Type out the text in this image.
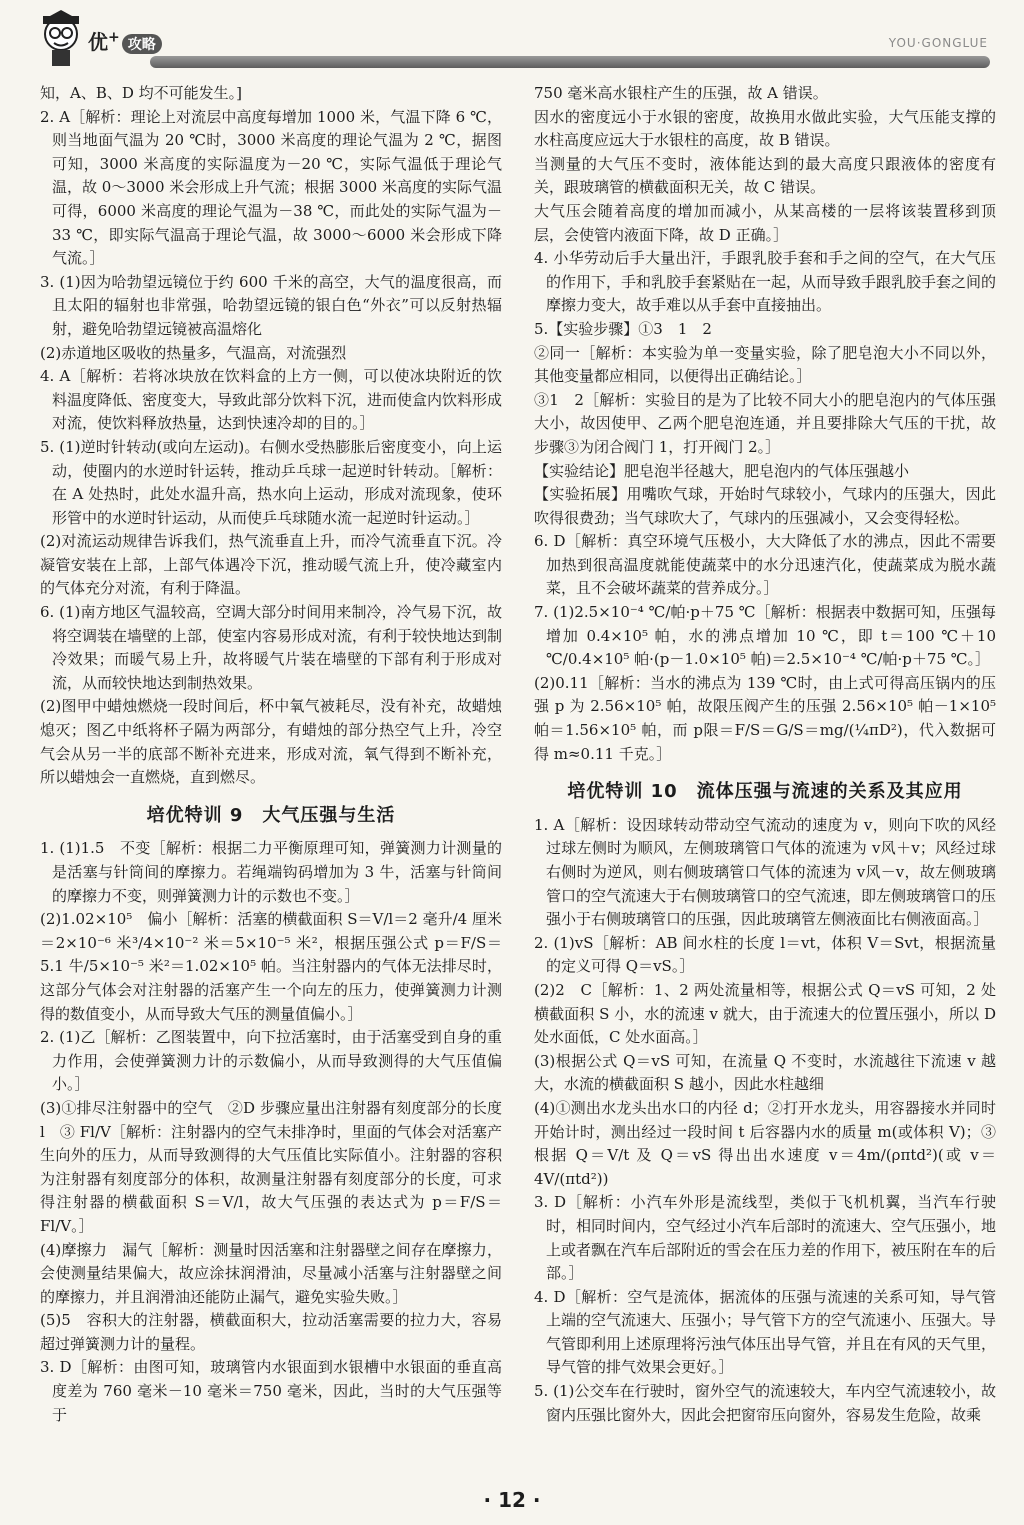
优+ 攻略	YOU·GONGLUE

知，A、B、D 均不可能发生。]

2. A［解析：理论上对流层中高度每增加 1000 米，气温下降 6 ℃，则当地面气温为 20 ℃时，3000 米高度的理论气温为 2 ℃，据图可知，3000 米高度的实际温度为－20 ℃，实际气温低于理论气温，故 0～3000 米会形成上升气流；根据 3000 米高度的实际气温可得，6000 米高度的理论气温为－38 ℃，而此处的实际气温为－33 ℃，即实际气温高于理论气温，故 3000～6000 米会形成下降气流。］

3. (1)因为哈勃望远镜位于约 600 千米的高空，大气的温度很高，而且太阳的辐射也非常强，哈勃望远镜的银白色“外衣”可以反射热辐射，避免哈勃望远镜被高温熔化

(2)赤道地区吸收的热量多，气温高，对流强烈

4. A［解析：若将冰块放在饮料盒的上方一侧，可以使冰块附近的饮料温度降低、密度变大，导致此部分饮料下沉，进而使盒内饮料形成对流，使饮料释放热量，达到快速冷却的目的。］

5. (1)逆时针转动(或向左运动)。右侧水受热膨胀后密度变小，向上运动，使圈内的水逆时针运转，推动乒乓球一起逆时针转动。［解析：在 A 处热时，此处水温升高，热水向上运动，形成对流现象，使环形管中的水逆时针运动，从而使乒乓球随水流一起逆时针运动。］

(2)对流运动规律告诉我们，热气流垂直上升，而冷气流垂直下沉。冷凝管安装在上部，上部气体遇冷下沉，推动暖气流上升，使冷藏室内的气体充分对流，有利于降温。

6. (1)南方地区气温较高，空调大部分时间用来制冷，冷气易下沉，故将空调装在墙壁的上部，使室内容易形成对流，有利于较快地达到制冷效果；而暖气易上升，故将暖气片装在墙壁的下部有利于形成对流，从而较快地达到制热效果。

(2)图甲中蜡烛燃烧一段时间后，杯中氧气被耗尽，没有补充，故蜡烛熄灭；图乙中纸将杯子隔为两部分，有蜡烛的部分热空气上升，冷空气会从另一半的底部不断补充进来，形成对流，氧气得到不断补充，所以蜡烛会一直燃烧，直到燃尽。

培优特训 9　大气压强与生活

1. (1)1.5　不变［解析：根据二力平衡原理可知，弹簧测力计测量的是活塞与针筒间的摩擦力。若绳端钩码增加为 3 牛，活塞与针筒间的摩擦力不变，则弹簧测力计的示数也不变。］

(2)1.02×10⁵　偏小［解析：活塞的横截面积 S＝V/l＝2 毫升/4 厘米＝2×10⁻⁶ 米³/4×10⁻² 米＝5×10⁻⁵ 米²，根据压强公式 p＝F/S＝5.1 牛/5×10⁻⁵ 米²＝1.02×10⁵ 帕。当注射器内的气体无法排尽时，这部分气体会对注射器的活塞产生一个向左的压力，使弹簧测力计测得的数值变小，从而导致大气压的测量值偏小。］

2. (1)乙［解析：乙图装置中，向下拉活塞时，由于活塞受到自身的重力作用，会使弹簧测力计的示数偏小，从而导致测得的大气压值偏小。］

(3)①排尽注射器中的空气　②D 步骤应量出注射器有刻度部分的长度 l　③ Fl/V［解析：注射器内的空气未排净时，里面的气体会对活塞产生向外的压力，从而导致测得的大气压值比实际值小。注射器的容积为注射器有刻度部分的体积，故测量注射器有刻度部分的长度，可求得注射器的横截面积 S＝V/l，故大气压强的表达式为 p＝F/S＝Fl/V。］

(4)摩擦力　漏气［解析：测量时因活塞和注射器壁之间存在摩擦力，会使测量结果偏大，故应涂抹润滑油，尽量减小活塞与注射器壁之间的摩擦力，并且润滑油还能防止漏气，避免实验失败。］

(5)5　容积大的注射器，横截面积大，拉动活塞需要的拉力大，容易超过弹簧测力计的量程。

3. D［解析：由图可知，玻璃管内水银面到水银槽中水银面的垂直高度差为 760 毫米－10 毫米＝750 毫米，因此，当时的大气压强等于

750 毫米高水银柱产生的压强，故 A 错误。

因水的密度远小于水银的密度，故换用水做此实验，大气压能支撑的水柱高度应远大于水银柱的高度，故 B 错误。

当测量的大气压不变时，液体能达到的最大高度只跟液体的密度有关，跟玻璃管的横截面积无关，故 C 错误。

大气压会随着高度的增加而减小，从某高楼的一层将该装置移到顶层，会使管内液面下降，故 D 正确。］

4. 小华劳动后手大量出汗，手跟乳胶手套和手之间的空气，在大气压的作用下，手和乳胶手套紧贴在一起，从而导致手跟乳胶手套之间的摩擦力变大，故手难以从手套中直接抽出。

5.【实验步骤】①3　1　2

②同一［解析：本实验为单一变量实验，除了肥皂泡大小不同以外，其他变量都应相同，以便得出正确结论。］

③1　2［解析：实验目的是为了比较不同大小的肥皂泡内的气体压强大小，故因使甲、乙两个肥皂泡连通，并且要排除大气压的干扰，故步骤③为闭合阀门 1，打开阀门 2。］

【实验结论】肥皂泡半径越大，肥皂泡内的气体压强越小

【实验拓展】用嘴吹气球，开始时气球较小，气球内的压强大，因此吹得很费劲；当气球吹大了，气球内的压强减小，又会变得轻松。

6. D［解析：真空环境气压极小，大大降低了水的沸点，因此不需要加热到很高温度就能使蔬菜中的水分迅速汽化，使蔬菜成为脱水蔬菜，且不会破坏蔬菜的营养成分。］

7. (1)2.5×10⁻⁴ ℃/帕·p＋75 ℃［解析：根据表中数据可知，压强每增加 0.4×10⁵ 帕，水的沸点增加 10 ℃，即 t＝100 ℃＋10 ℃/0.4×10⁵ 帕·(p－1.0×10⁵ 帕)＝2.5×10⁻⁴ ℃/帕·p＋75 ℃。］

(2)0.11［解析：当水的沸点为 139 ℃时，由上式可得高压锅内的压强 p 为 2.56×10⁵ 帕，故限压阀产生的压强 2.56×10⁵ 帕－1×10⁵ 帕＝1.56×10⁵ 帕，而 p限＝F/S＝G/S＝mg/(¼πD²)，代入数据可得 m≈0.11 千克。］

培优特训 10　流体压强与流速的关系及其应用

1. A［解析：设因球转动带动空气流动的速度为 v，则向下吹的风经过球左侧时为顺风，左侧玻璃管口气体的流速为 v风＋v；风经过球右侧时为逆风，则右侧玻璃管口气体的流速为 v风－v，故左侧玻璃管口的空气流速大于右侧玻璃管口的空气流速，即左侧玻璃管口的压强小于右侧玻璃管口的压强，因此玻璃管左侧液面比右侧液面高。］

2. (1)vS［解析：AB 间水柱的长度 l＝vt，体积 V＝Svt，根据流量的定义可得 Q＝vS。］

(2)2　C［解析：1、2 两处流量相等，根据公式 Q＝vS 可知，2 处横截面积 S 小，水的流速 v 就大，由于流速大的位置压强小，所以 D 处水面低，C 处水面高。］

(3)根据公式 Q＝vS 可知，在流量 Q 不变时，水流越往下流速 v 越大，水流的横截面积 S 越小，因此水柱越细

(4)①测出水龙头出水口的内径 d；②打开水龙头，用容器接水并同时开始计时，测出经过一段时间 t 后容器内水的质量 m(或体积 V)；③根据 Q＝V/t 及 Q＝vS 得出出水速度 v＝4m/(ρπtd²)(或 v＝4V/(πtd²))

3. D［解析：小汽车外形是流线型，类似于飞机机翼，当汽车行驶时，相同时间内，空气经过小汽车后部时的流速大、空气压强小，地上或者飘在汽车后部附近的雪会在压力差的作用下，被压附在车的后部。］

4. D［解析：空气是流体，据流体的压强与流速的关系可知，导气管上端的空气流速大、压强小；导气管下方的空气流速小、压强大。导气管即利用上述原理将污浊气体压出导气管，并且在有风的天气里，导气管的排气效果会更好。］

5. (1)公交车在行驶时，窗外空气的流速较大，车内空气流速较小，故窗内压强比窗外大，因此会把窗帘压向窗外，容易发生危险，故乘

· 12 ·
